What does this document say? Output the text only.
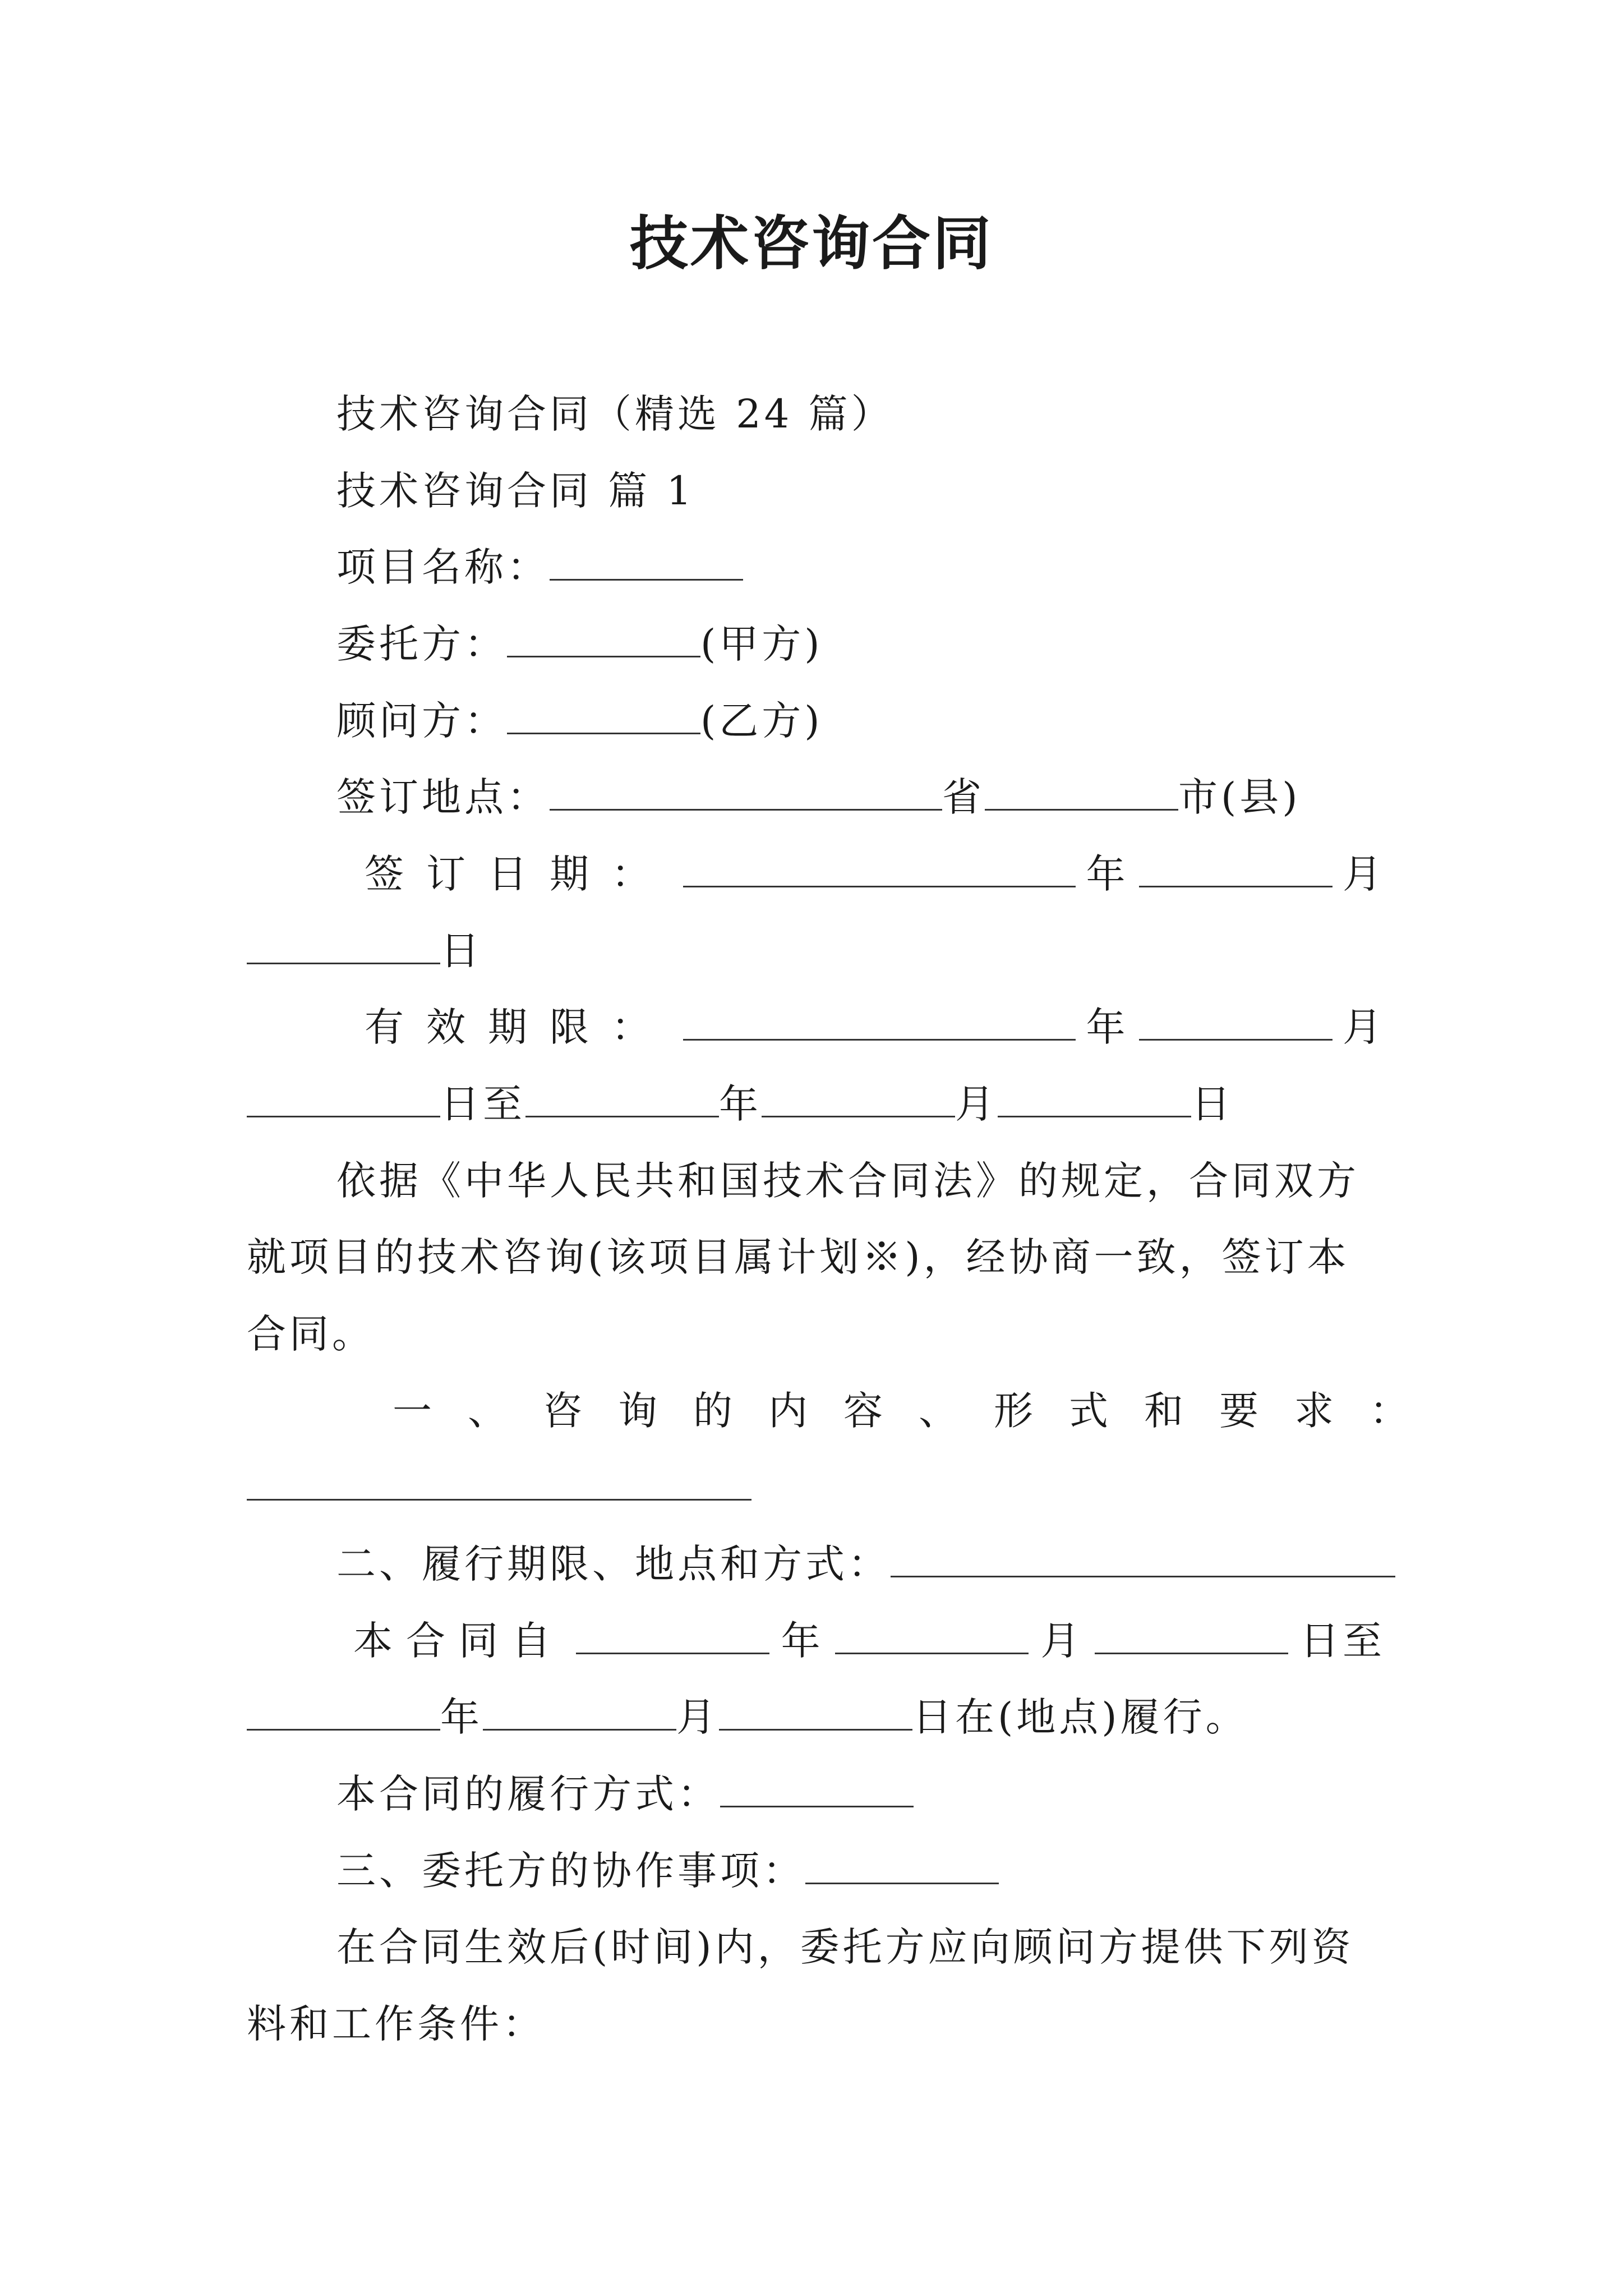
技术咨询合同
技术咨询合同（精选 24 篇）
技术咨询合同 篇 1
项目名称：
委托方：	(甲方)
顾问方：	(乙方)
签订地点：	省	市(县)
签订日期：	年	月
日
有效期限：	年	月
日至	年	月	日
依据《中华人民共和国技术合同法》的规定，合同双方
就项目的技术咨询(该项目属计划※)，经协商一致，签订本
合同。
一、咨询的内容、形式和要求：
二、履行期限、地点和方式：
本合同自	年	月	日至
年	月	日在(地点)履行。
本合同的履行方式：
三、委托方的协作事项：
在合同生效后(时间)内，委托方应向顾问方提供下列资
料和工作条件：
